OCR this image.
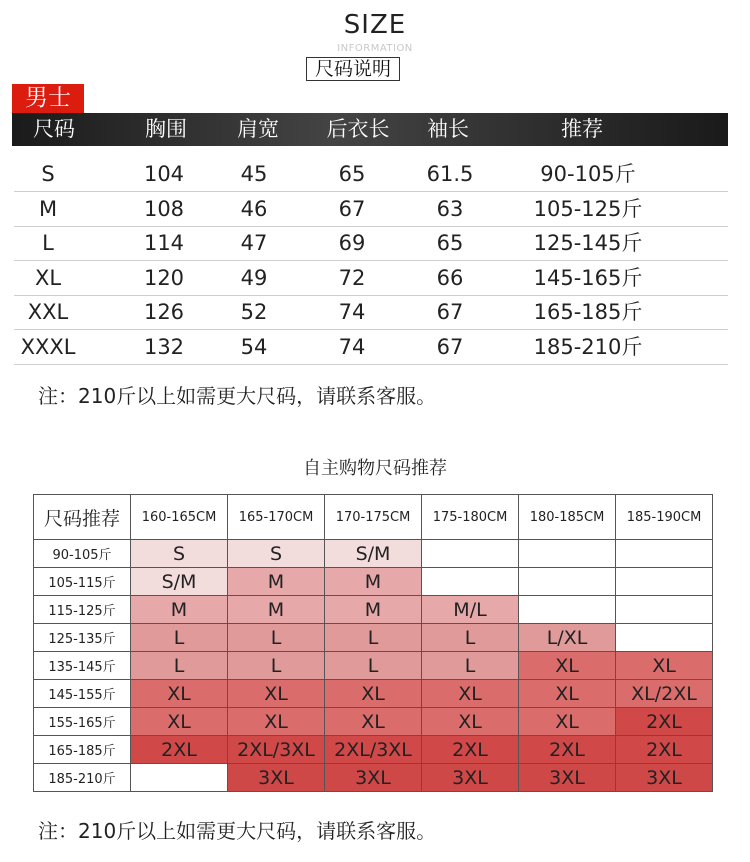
SIZE
INFORMATION
尺码说明
男士
尺码	胸围 肩宽 后衣长 袖长	推荐
S	104	45	65	61.5	90-105斤
M	108	46	67	63	105-125斤
L	114	47	69	65	125-145斤
XL	120	49	72	66	145-165斤
XXL	126	52	74	67	165-185斤
XXXL	132	54	74	67	185-210斤
注：210斤以上如需更大尺码，请联系客服。
自主购物尺码推荐
尺码推荐	160-165CM	165-170CM	170-175CM	175-180CM	180-185CM	185-190CM
90-105斤	S	S	S/M			
105-115斤	S/M	M	M			
115-125斤	M	M	M	M/L		
125-135斤	L	L	L	L	L/XL	
135-145斤	L	L	L	L	XL	XL
145-155斤	XL	XL	XL	XL	XL	XL/2XL
155-165斤	XL	XL	XL	XL	XL	2XL
165-185斤	2XL	2XL/3XL	2XL/3XL	2XL	2XL	2XL
185-210斤		3XL	3XL	3XL	3XL	3XL
注：210斤以上如需更大尺码，请联系客服。
